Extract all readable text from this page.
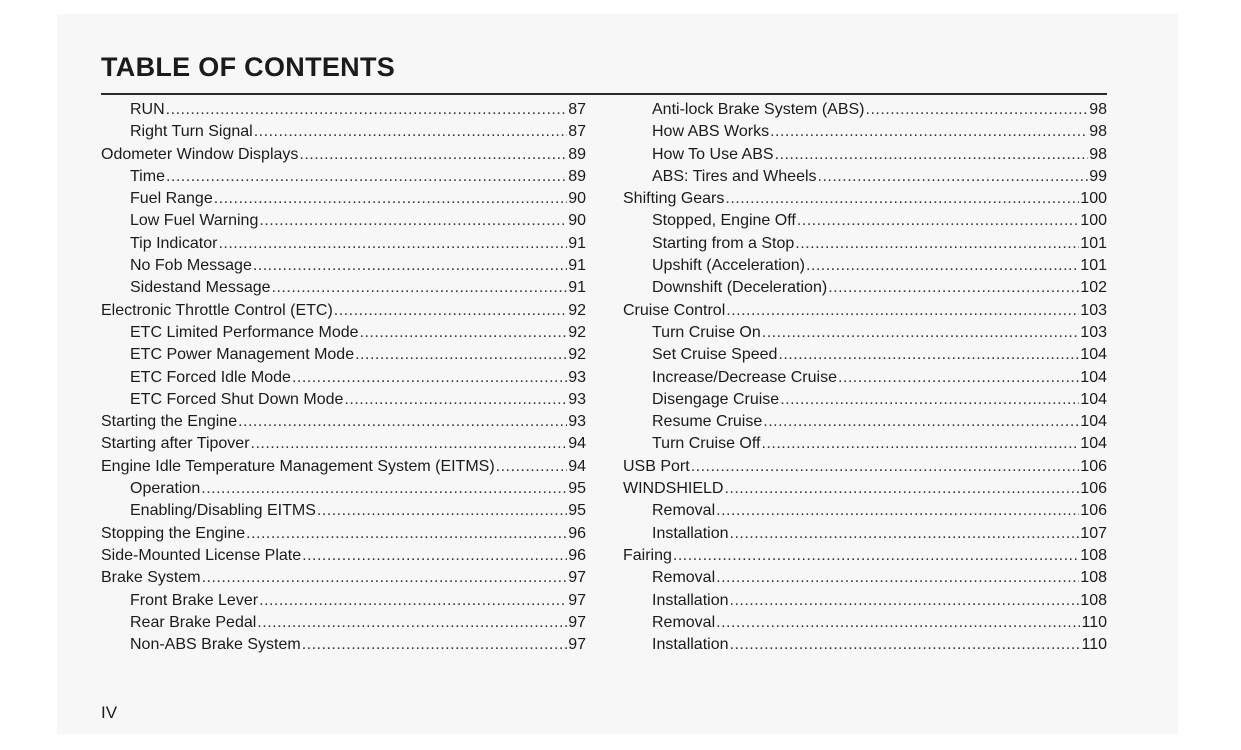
TABLE OF CONTENTS
RUN .....	87
Right Turn Signal .....	87
Odometer Window Displays .....	89
Time .....	89
Fuel Range .....	90
Low Fuel Warning .....	90
Tip Indicator .....	91
No Fob Message .....	91
Sidestand Message .....	91
Electronic Throttle Control (ETC) .....	92
ETC Limited Performance Mode .....	92
ETC Power Management Mode .....	92
ETC Forced Idle Mode .....	93
ETC Forced Shut Down Mode .....	93
Starting the Engine .....	93
Starting after Tipover .....	94
Engine Idle Temperature Management System (EITMS) .....	94
Operation .....	95
Enabling/Disabling EITMS .....	95
Stopping the Engine .....	96
Side-Mounted License Plate .....	96
Brake System .....	97
Front Brake Lever .....	97
Rear Brake Pedal .....	97
Non-ABS Brake System .....	97
Anti-lock Brake System (ABS) .....	98
How ABS Works .....	98
How To Use ABS .....	98
ABS: Tires and Wheels .....	99
Shifting Gears .....	100
Stopped, Engine Off .....	100
Starting from a Stop .....	101
Upshift (Acceleration) .....	101
Downshift (Deceleration) .....	102
Cruise Control .....	103
Turn Cruise On .....	103
Set Cruise Speed .....	104
Increase/Decrease Cruise .....	104
Disengage Cruise .....	104
Resume Cruise .....	104
Turn Cruise Off .....	104
USB Port .....	106
WINDSHIELD .....	106
Removal .....	106
Installation .....	107
Fairing .....	108
Removal .....	108
Installation .....	108
Removal .....	110
Installation .....	110
IV
